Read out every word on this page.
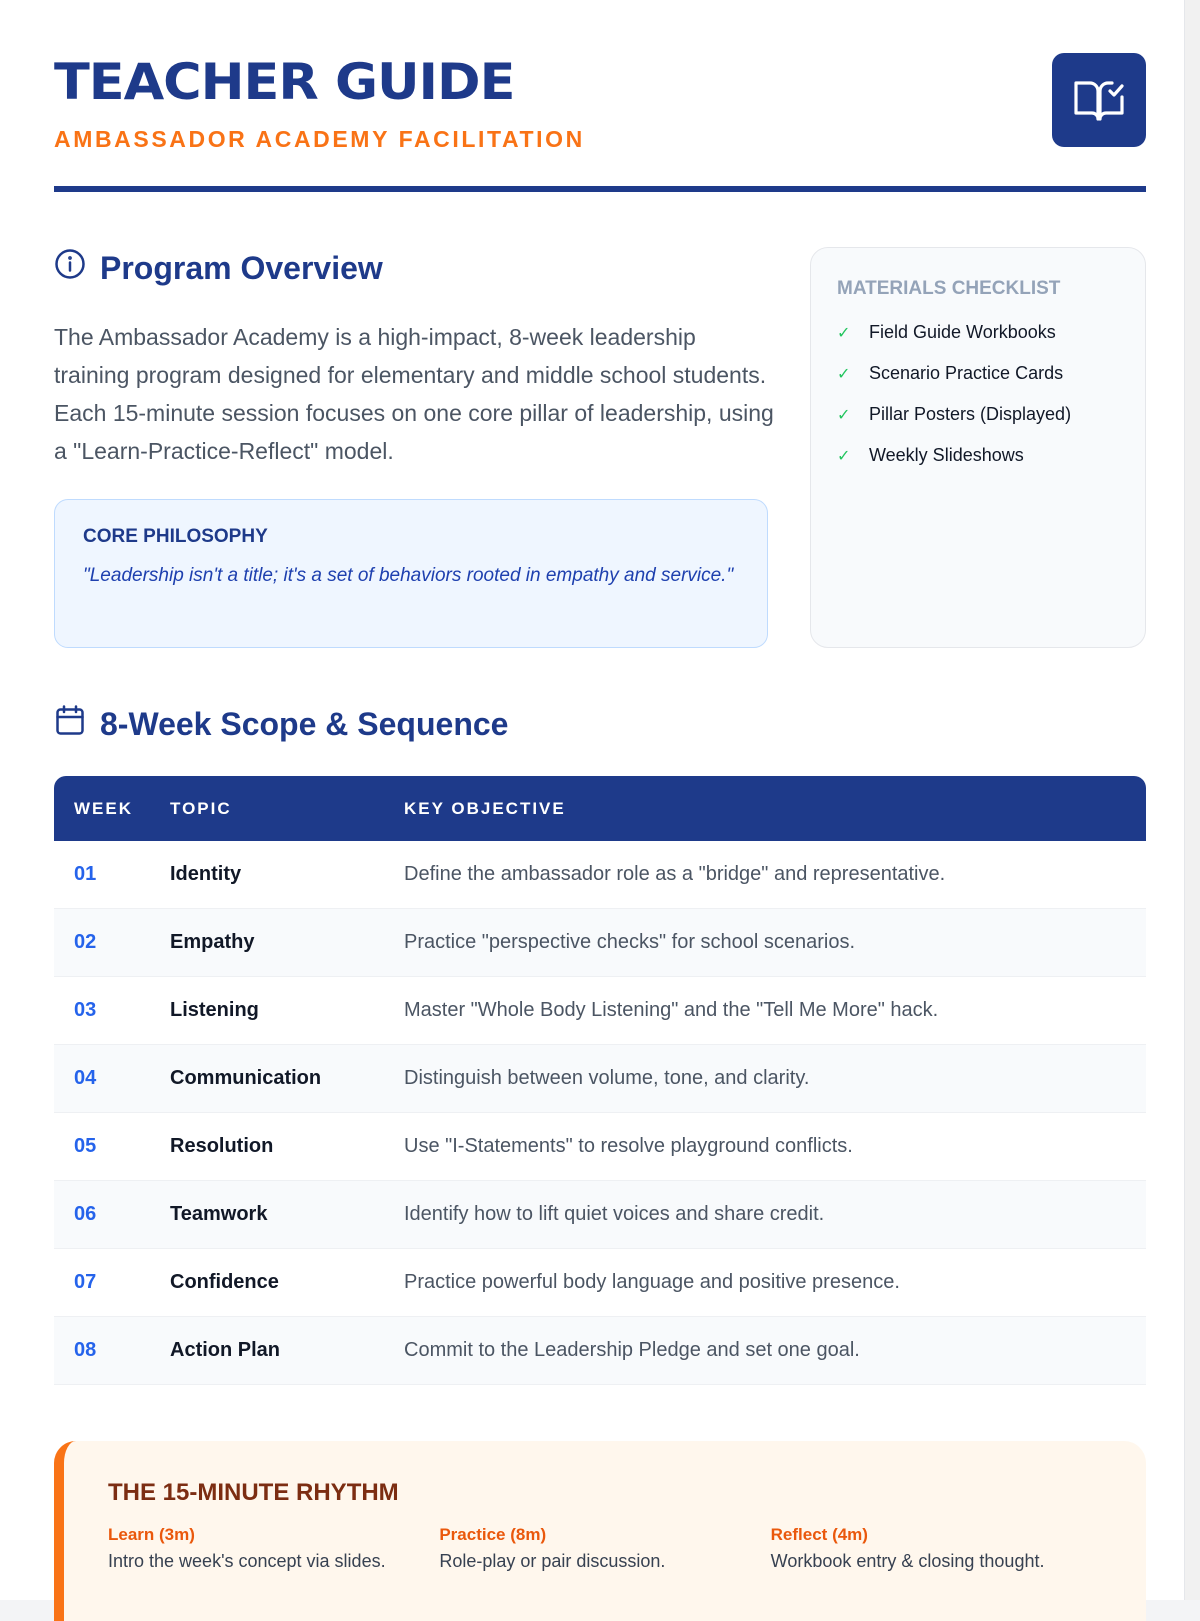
TEACHER GUIDE
AMBASSADOR ACADEMY FACILITATION
Program Overview

The Ambassador Academy is a high-impact, 8-week leadership training program designed for elementary and middle school students. Each 15-minute session focuses on one core pillar of leadership, using a "Learn-Practice-Reflect" model.

CORE PHILOSOPHY
"Leadership isn't a title; it's a set of behaviors rooted in empathy and service."
MATERIALS CHECKLIST
✓ Field Guide Workbooks
✓ Scenario Practice Cards
✓ Pillar Posters (Displayed)
✓ Weekly Slideshows
8-Week Scope & Sequence
WEEK	TOPIC	KEY OBJECTIVE
01	Identity	Define the ambassador role as a "bridge" and representative.
02	Empathy	Practice "perspective checks" for school scenarios.
03	Listening	Master "Whole Body Listening" and the "Tell Me More" hack.
04	Communication	Distinguish between volume, tone, and clarity.
05	Resolution	Use "I-Statements" to resolve playground conflicts.
06	Teamwork	Identify how to lift quiet voices and share credit.
07	Confidence	Practice powerful body language and positive presence.
08	Action Plan	Commit to the Leadership Pledge and set one goal.
THE 15-MINUTE RHYTHM
Learn (3m)
Intro the week's concept via slides.
Practice (8m)
Role-play or pair discussion.
Reflect (4m)
Workbook entry & closing thought.
